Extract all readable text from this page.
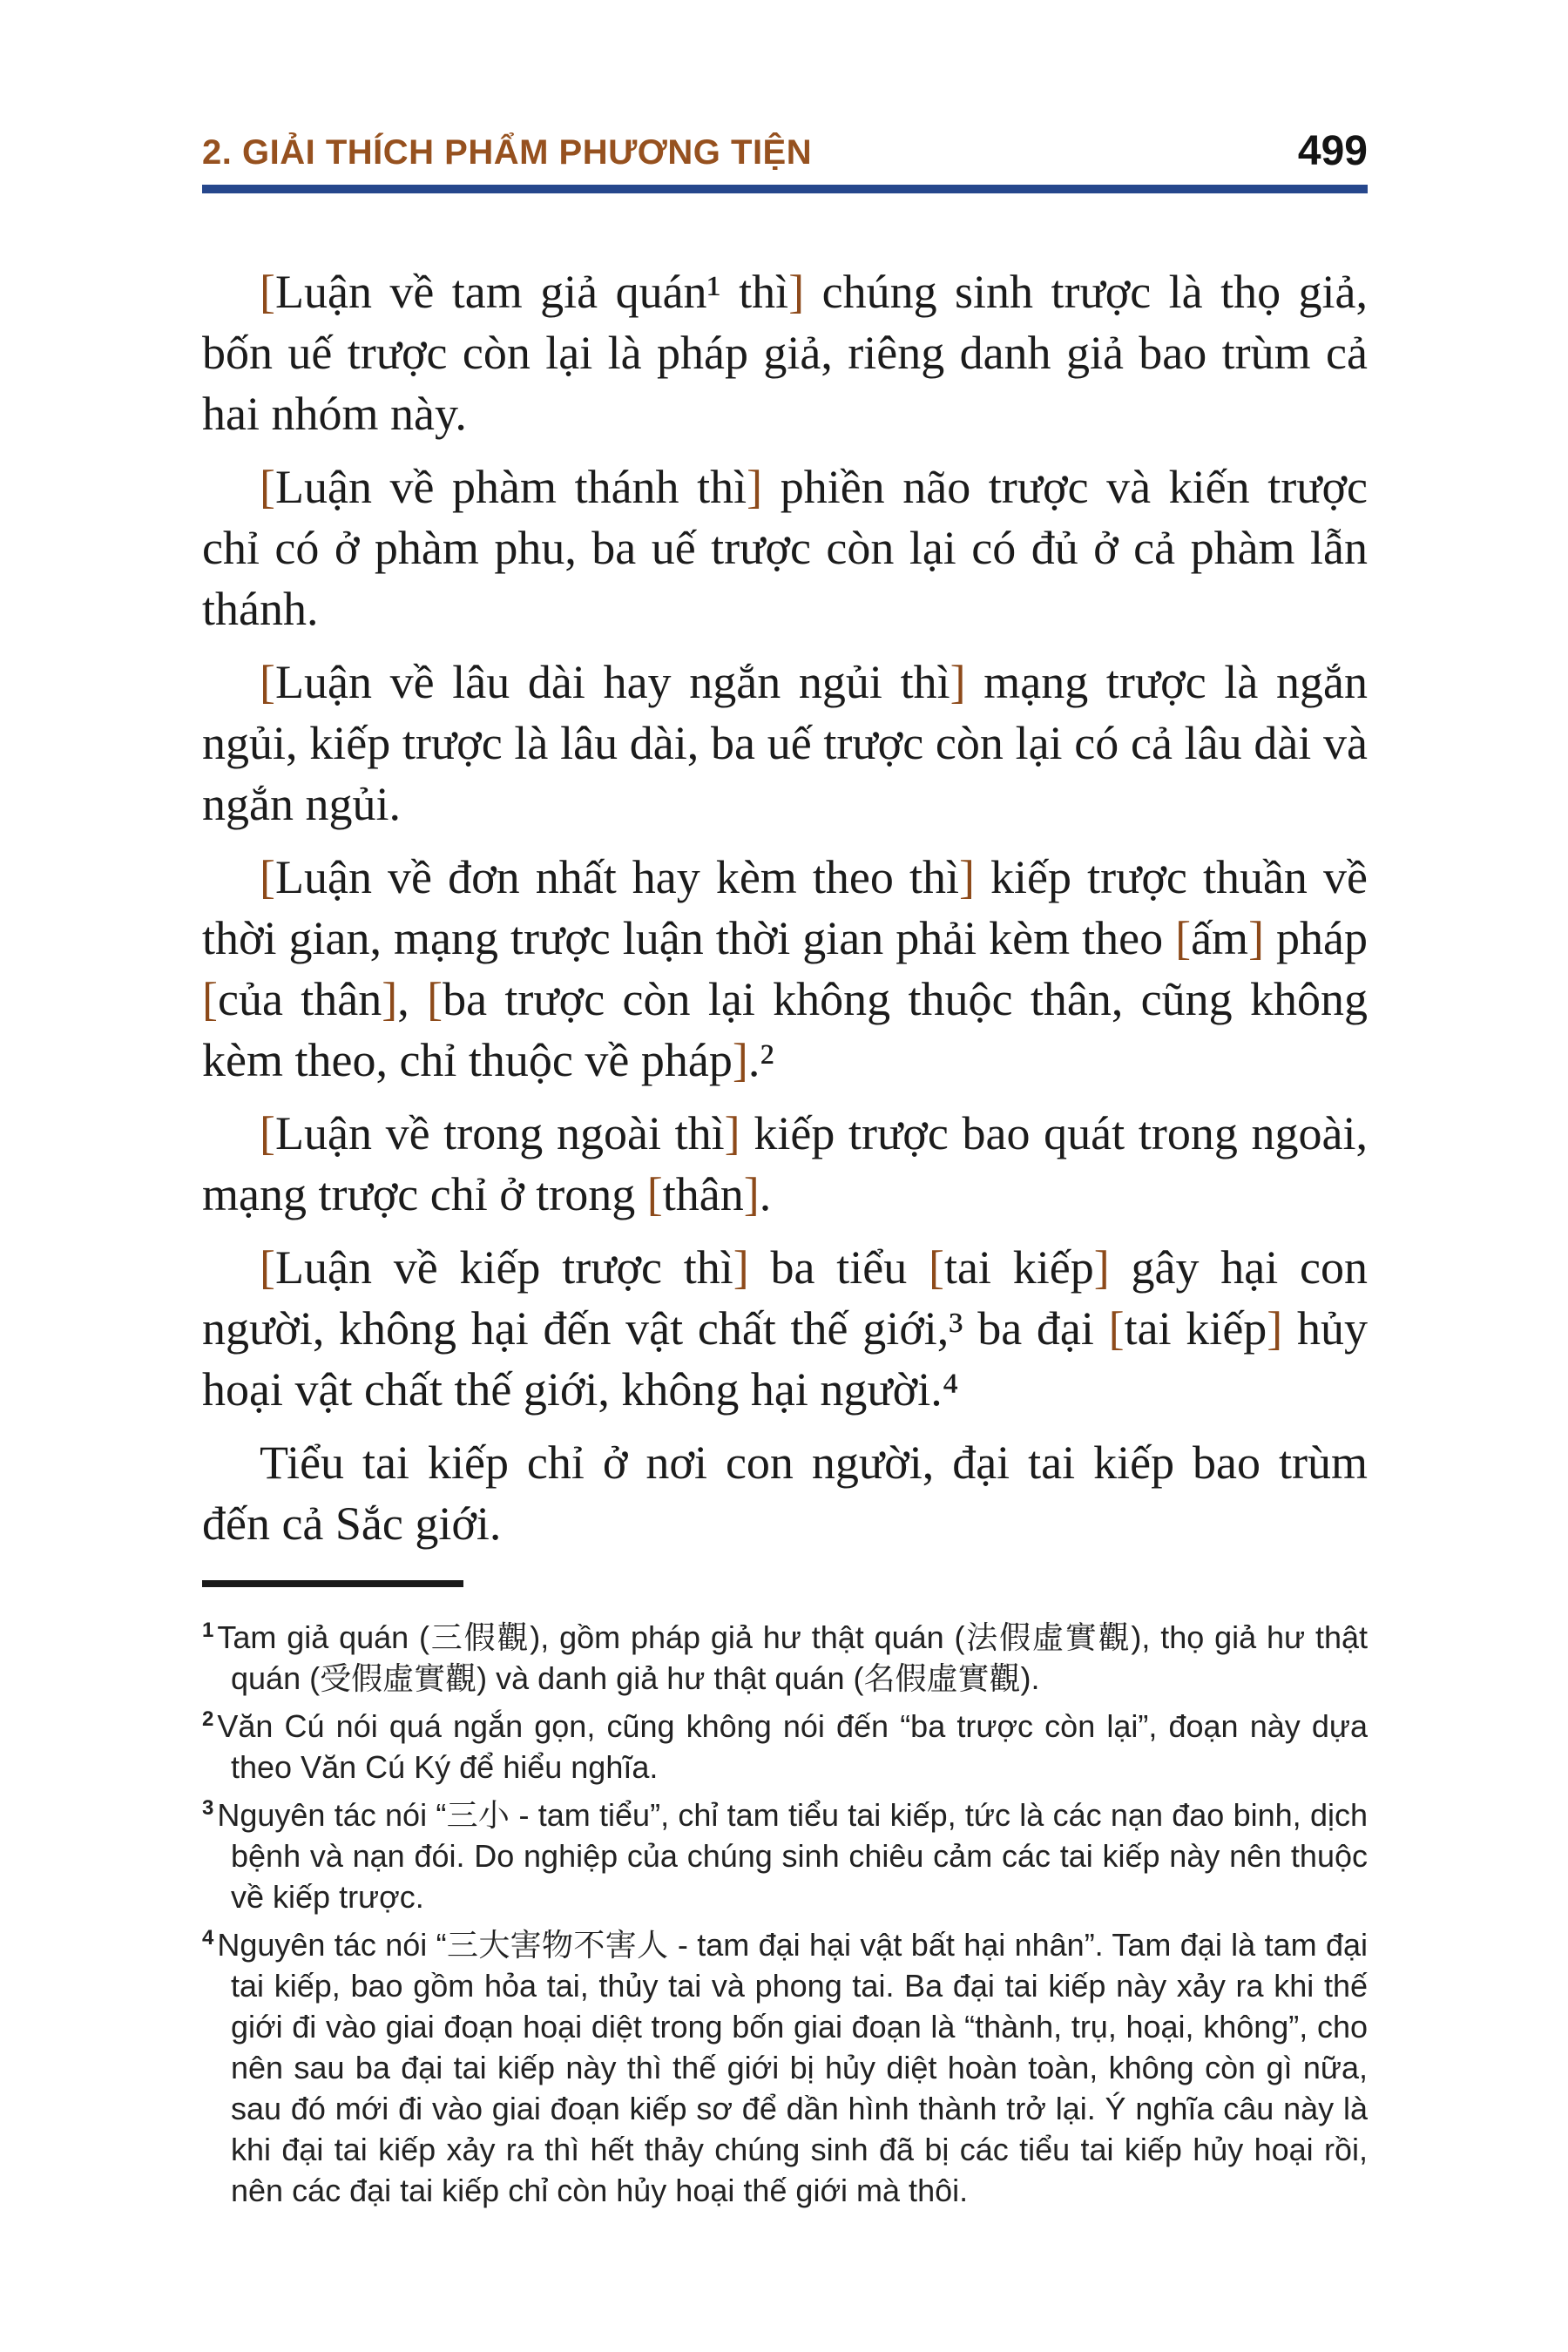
2. GIẢI THÍCH PHẨM PHƯƠNG TIỆN	499

[Luận về tam giả quán¹ thì] chúng sinh trược là thọ giả, bốn uế trược còn lại là pháp giả, riêng danh giả bao trùm cả hai nhóm này.

[Luận về phàm thánh thì] phiền não trược và kiến trược chỉ có ở phàm phu, ba uế trược còn lại có đủ ở cả phàm lẫn thánh.

[Luận về lâu dài hay ngắn ngủi thì] mạng trược là ngắn ngủi, kiếp trược là lâu dài, ba uế trược còn lại có cả lâu dài và ngắn ngủi.

[Luận về đơn nhất hay kèm theo thì] kiếp trược thuần về thời gian, mạng trược luận thời gian phải kèm theo [ấm] pháp [của thân], [ba trược còn lại không thuộc thân, cũng không kèm theo, chỉ thuộc về pháp].²

[Luận về trong ngoài thì] kiếp trược bao quát trong ngoài, mạng trược chỉ ở trong [thân].

[Luận về kiếp trược thì] ba tiểu [tai kiếp] gây hại con người, không hại đến vật chất thế giới,³ ba đại [tai kiếp] hủy hoại vật chất thế giới, không hại người.⁴

Tiểu tai kiếp chỉ ở nơi con người, đại tai kiếp bao trùm đến cả Sắc giới.

$^1$ Tam giả quán (三假觀), gồm pháp giả hư thật quán (法假虛實觀), thọ giả hư thật quán (受假虛實觀) và danh giả hư thật quán (名假虛實觀).

$^2$ Văn Cú nói quá ngắn gọn, cũng không nói đến “ba trược còn lại”, đoạn này dựa theo Văn Cú Ký để hiểu nghĩa.

$^3$ Nguyên tác nói “三小 - tam tiểu”, chỉ tam tiểu tai kiếp, tức là các nạn đao binh, dịch bệnh và nạn đói. Do nghiệp của chúng sinh chiêu cảm các tai kiếp này nên thuộc về kiếp trược.

$^4$ Nguyên tác nói “三大害物不害人 - tam đại hại vật bất hại nhân”. Tam đại là tam đại tai kiếp, bao gồm hỏa tai, thủy tai và phong tai. Ba đại tai kiếp này xảy ra khi thế giới đi vào giai đoạn hoại diệt trong bốn giai đoạn là “thành, trụ, hoại, không”, cho nên sau ba đại tai kiếp này thì thế giới bị hủy diệt hoàn toàn, không còn gì nữa, sau đó mới đi vào giai đoạn kiếp sơ để dần hình thành trở lại. Ý nghĩa câu này là khi đại tai kiếp xảy ra thì hết thảy chúng sinh đã bị các tiểu tai kiếp hủy hoại rồi, nên các đại tai kiếp chỉ còn hủy hoại thế giới mà thôi.
